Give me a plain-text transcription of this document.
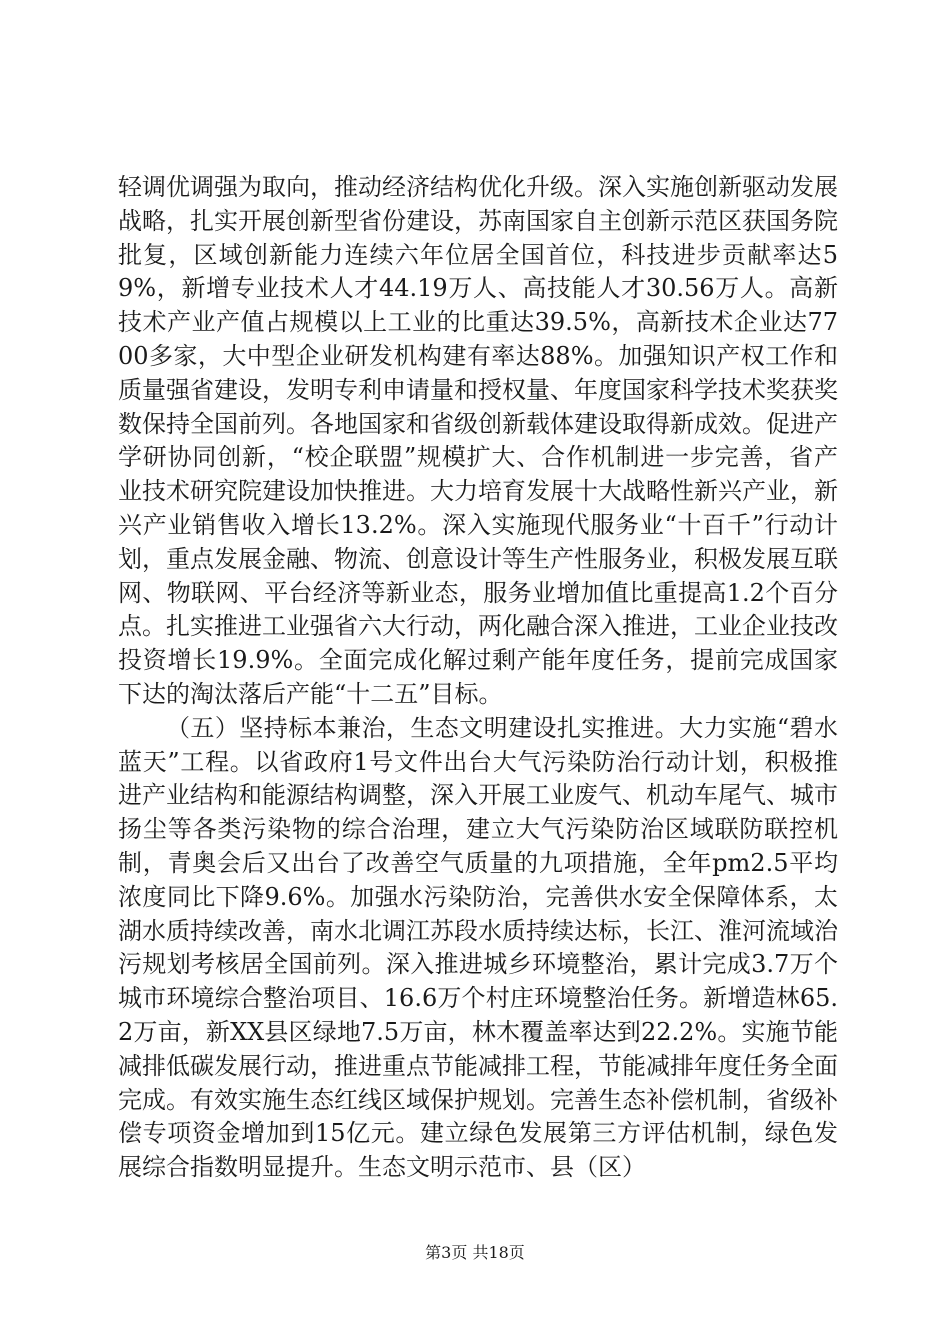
轻调优调强为取向，推动经济结构优化升级。深入实施创新驱动发展战略，扎实开展创新型省份建设，苏南国家自主创新示范区获国务院批复，区域创新能力连续六年位居全国首位，科技进步贡献率达59%，新增专业技术人才44.19万人、高技能人才30.56万人。高新技术产业产值占规模以上工业的比重达39.5%，高新技术企业达7700多家，大中型企业研发机构建有率达88%。加强知识产权工作和质量强省建设，发明专利申请量和授权量、年度国家科学技术奖获奖数保持全国前列。各地国家和省级创新载体建设取得新成效。促进产学研协同创新，“校企联盟”规模扩大、合作机制进一步完善，省产业技术研究院建设加快推进。大力培育发展十大战略性新兴产业，新兴产业销售收入增长13.2%。深入实施现代服务业“十百千”行动计划，重点发展金融、物流、创意设计等生产性服务业，积极发展互联网、物联网、平台经济等新业态，服务业增加值比重提高1.2个百分点。扎实推进工业强省六大行动，两化融合深入推进，工业企业技改投资增长19.9%。全面完成化解过剩产能年度任务，提前完成国家下达的淘汰落后产能“十二五”目标。

（五）坚持标本兼治，生态文明建设扎实推进。大力实施“碧水蓝天”工程。以省政府1号文件出台大气污染防治行动计划，积极推进产业结构和能源结构调整，深入开展工业废气、机动车尾气、城市扬尘等各类污染物的综合治理，建立大气污染防治区域联防联控机制，青奥会后又出台了改善空气质量的九项措施，全年pm2.5平均浓度同比下降9.6%。加强水污染防治，完善供水安全保障体系，太湖水质持续改善，南水北调江苏段水质持续达标，长江、淮河流域治污规划考核居全国前列。深入推进城乡环境整治，累计完成3.7万个城市环境综合整治项目、16.6万个村庄环境整治任务。新增造林65.2万亩，新XX县区绿地7.5万亩，林木覆盖率达到22.2%。实施节能减排低碳发展行动，推进重点节能减排工程，节能减排年度任务全面完成。有效实施生态红线区域保护规划。完善生态补偿机制，省级补偿专项资金增加到15亿元。建立绿色发展第三方评估机制，绿色发展综合指数明显提升。生态文明示范市、县（区）

第3页 共18页
